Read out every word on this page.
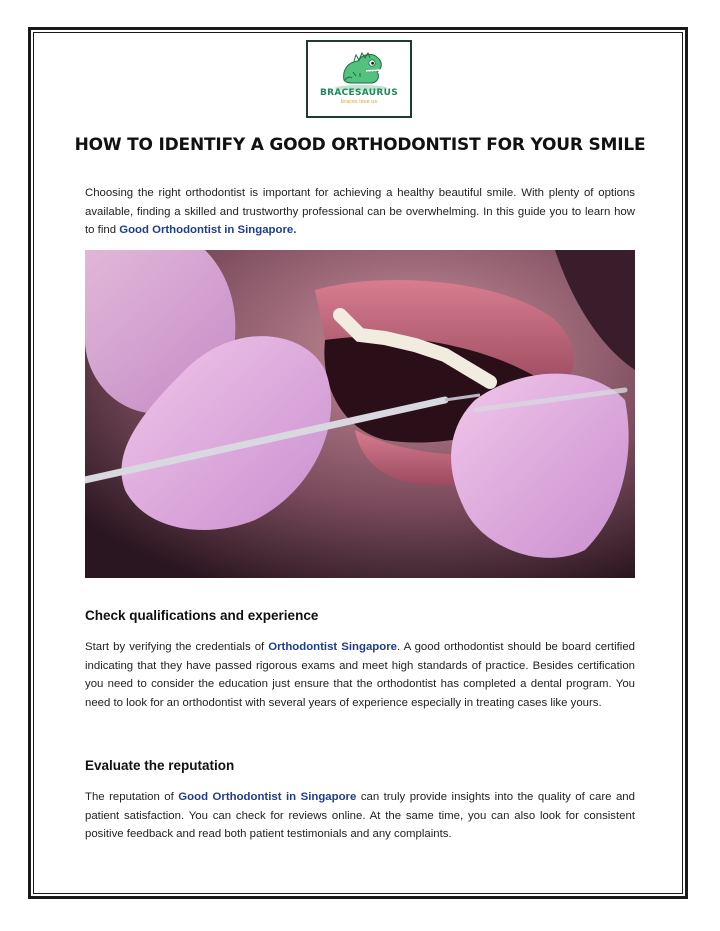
BRACESAURUS
braces love us
HOW TO IDENTIFY A GOOD ORTHODONTIST FOR YOUR SMILE
Choosing the right orthodontist is important for achieving a healthy beautiful smile. With plenty of options available, finding a skilled and trustworthy professional can be overwhelming. In this guide you to learn how to find Good Orthodontist in Singapore.
Check qualifications and experience
Start by verifying the credentials of Orthodontist Singapore. A good orthodontist should be board certified indicating that they have passed rigorous exams and meet high standards of practice. Besides certification you need to consider the education just ensure that the orthodontist has completed a dental program. You need to look for an orthodontist with several years of experience especially in treating cases like yours.
Evaluate the reputation
The reputation of Good Orthodontist in Singapore can truly provide insights into the quality of care and patient satisfaction. You can check for reviews online. At the same time, you can also look for consistent positive feedback and read both patient testimonials and any complaints.
